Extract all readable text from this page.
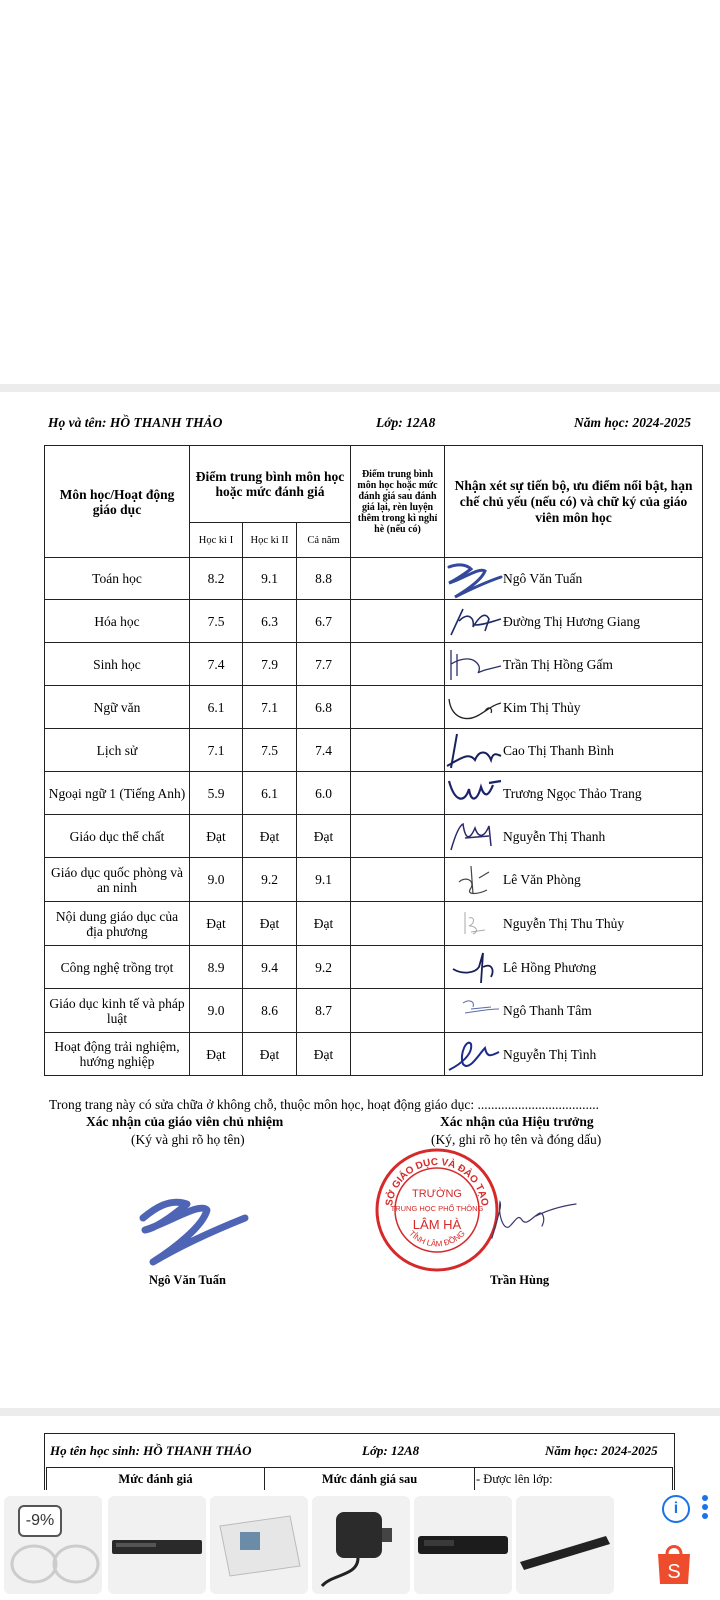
Họ và tên: HỒ THANH THẢO	Lớp: 12A8	Năm học: 2024-2025
Môn học/Hoạt động giáo dục	Điểm trung bình môn học hoặc mức đánh giá			Điểm trung bình môn học hoặc mức đánh giá sau đánh giá lại, rèn luyện thêm trong kì nghỉ hè (nếu có)	Nhận xét sự tiến bộ, ưu điểm nổi bật, hạn chế chủ yếu (nếu có) và chữ ký của giáo viên môn học
	Học kì I	Học kì II	Cả năm		
Toán học	8.2	9.1	8.8		Ngô Văn Tuấn

Hóa học	7.5	6.3	6.7		Đường Thị Hương Giang

Sinh học	7.4	7.9	7.7		Trần Thị Hồng Gấm

Ngữ văn	6.1	7.1	6.8		Kim Thị Thủy

Lịch sử	7.1	7.5	7.4		Cao Thị Thanh Bình

Ngoại ngữ 1 (Tiếng Anh)	5.9	6.1	6.0		Trương Ngọc Thảo Trang

Giáo dục thể chất	Đạt	Đạt	Đạt		Nguyễn Thị Thanh

Giáo dục quốc phòng và an ninh	9.0	9.2	9.1		Lê Văn Phòng

Nội dung giáo dục của địa phương	Đạt	Đạt	Đạt		Nguyễn Thị Thu Thủy

Công nghệ trồng trọt	8.9	9.4	9.2		Lê Hồng Phương

Giáo dục kinh tế và pháp luật	9.0	8.6	8.7		Ngô Thanh Tâm

Hoạt động trải nghiệm, hướng nghiệp	Đạt	Đạt	Đạt		Nguyễn Thị Tình
Trong trang này có sửa chữa ở không chỗ, thuộc môn học, hoạt động giáo dục: ....................................
Xác nhận của giáo viên chủ nhiệm
(Ký và ghi rõ họ tên)
Xác nhận của Hiệu trưởng
(Ký, ghi rõ họ tên và đóng dấu)
Ngô Văn Tuấn
SỞ GIÁO DỤC VÀ ĐÀO TẠO
TRƯỜNG
TRUNG HỌC PHỔ THÔNG
LÂM HÀ
TỈNH LÂM ĐỒNG
Trần Hùng
Họ tên học sinh: HỒ THANH THẢO	Lớp: 12A8	Năm học: 2024-2025
Mức đánh giá	Mức đánh giá sau	- Được lên lớp:
-9%
i
S
